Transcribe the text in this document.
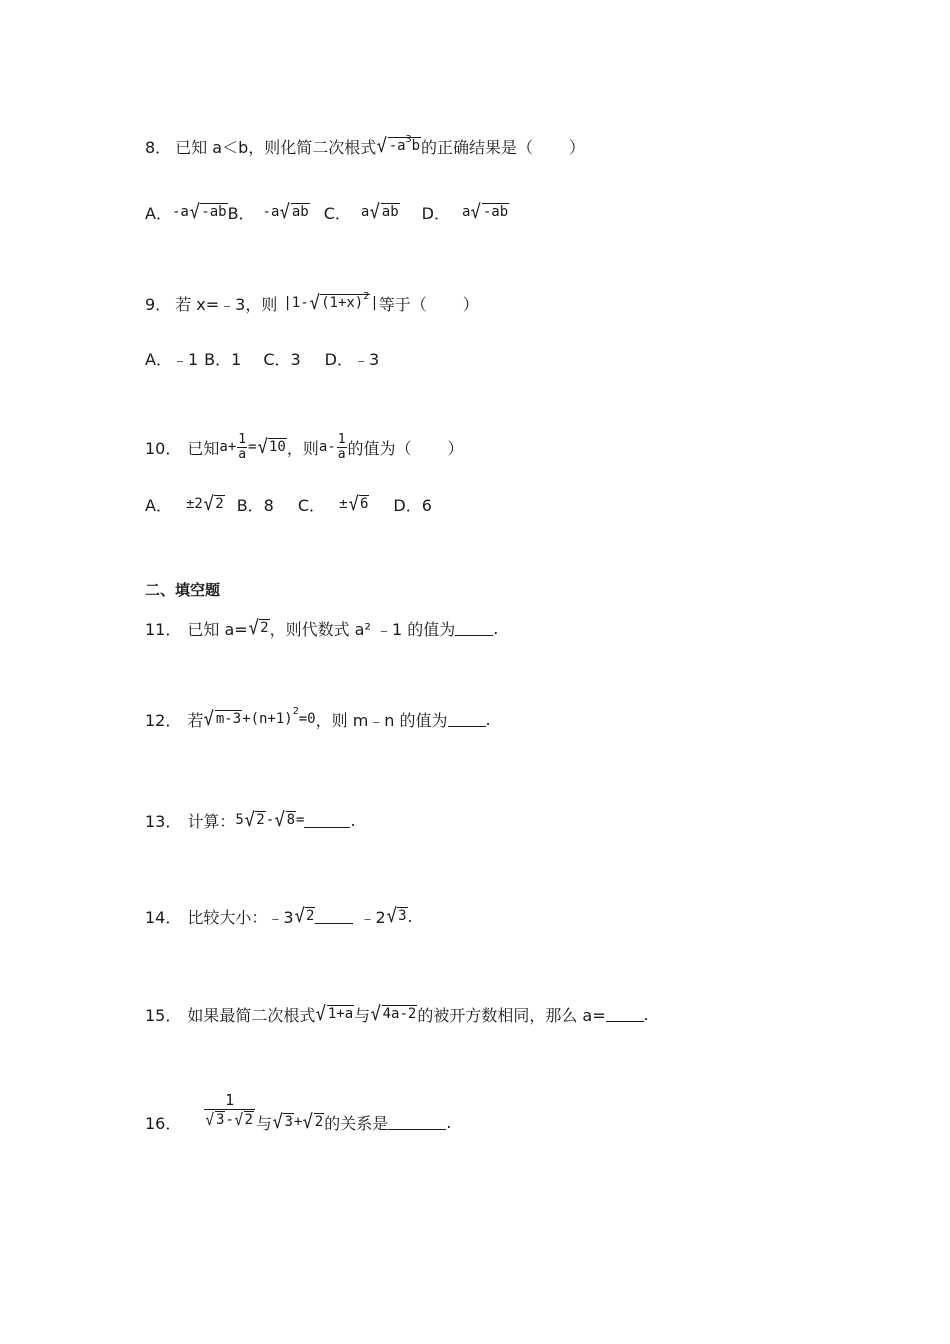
8． 已知 a＜b，则化简二次根式 √ $-a^3b$ 的正确结果是（ ）
A． -a √ -ab B． -a √ ab C． a √ ab D． a √ -ab
9． 若 x=﹣3，则 |1- √ $(1+x)^2$ | 等于（ ）
A．﹣1 B．1 C．3 D．﹣3
10． 已知 $a+ \frac{1}{a}$ = √ 10 ，则 $a- \frac{1}{a}$ 的值为（ ）
A． ±2 √ 2 B．8 C． ± √ 6 D．6
二、填空题
11． 已知 a= √ 2 ，则代数式 a² ﹣1 的值为 .
12． 若 √ m-3 +(n+1) 2 =0 ，则 m﹣n 的值为 .
13． 计算： 5 √ 2 - √ 8 =	.
14． 比较大小：﹣3 √ 2	﹣2 √ 3 .
15． 如果最简二次根式 √ 1+a 与 √ 4a-2 的被开方数相同，那么 a= .
16． $\frac{1}{√ 3 - √ 2}$ 与 √ 3 + √ 2 的关系是	.
